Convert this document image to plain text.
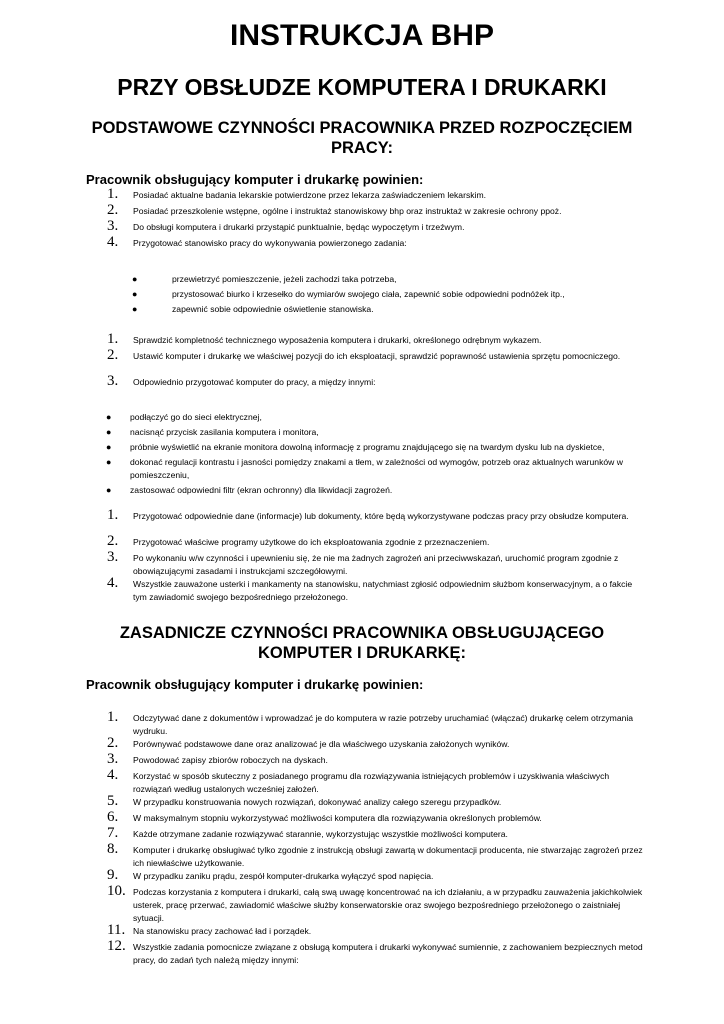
INSTRUKCJA BHP
PRZY OBSŁUDZE KOMPUTERA I DRUKARKI
PODSTAWOWE CZYNNOŚCI PRACOWNIKA PRZED ROZPOCZĘCIEM
PRACY:
Pracownik obsługujący komputer i drukarkę powinien:
1. Posiadać aktualne badania lekarskie potwierdzone przez lekarza zaświadczeniem lekarskim.
2. Posiadać przeszkolenie wstępne, ogólne i instruktaż stanowiskowy bhp oraz instruktaż w zakresie ochrony ppoż.
3. Do obsługi komputera i drukarki przystąpić punktualnie, będąc wypoczętym i trzeźwym.
4. Przygotować stanowisko pracy do wykonywania powierzonego zadania:
●	przewietrzyć pomieszczenie, jeżeli zachodzi taka potrzeba,
●	przystosować biurko i krzesełko do wymiarów swojego ciała, zapewnić sobie odpowiedni podnóżek itp.,
●	zapewnić sobie odpowiednie oświetlenie stanowiska.
1. Sprawdzić kompletność technicznego wyposażenia komputera i drukarki, określonego odrębnym wykazem.
2. Ustawić komputer i drukarkę we właściwej pozycji do ich eksploatacji, sprawdzić poprawność ustawienia sprzętu pomocniczego.
3. Odpowiednio przygotować komputer do pracy, a między innymi:
● podłączyć go do sieci elektrycznej,
● nacisnąć przycisk zasilania komputera i monitora,
● próbnie wyświetlić na ekranie monitora dowolną informację z programu znajdującego się na twardym dysku lub na dyskietce,
● dokonać regulacji kontrastu i jasności pomiędzy znakami a tłem, w zależności od wymogów, potrzeb oraz aktualnych warunków w pomieszczeniu,
● zastosować odpowiedni filtr (ekran ochronny) dla likwidacji zagrożeń.
1. Przygotować odpowiednie dane (informacje) lub dokumenty, które będą wykorzystywane podczas pracy przy obsłudze komputera.
2. Przygotować właściwe programy użytkowe do ich eksploatowania zgodnie z przeznaczeniem.
3. Po wykonaniu w/w czynności i upewnieniu się, że nie ma żadnych zagrożeń ani przeciwwskazań, uruchomić program zgodnie z obowiązującymi zasadami i instrukcjami szczegółowymi.
4. Wszystkie zauważone usterki i mankamenty na stanowisku, natychmiast zgłosić odpowiednim służbom konserwacyjnym, a o fakcie tym zawiadomić swojego bezpośredniego przełożonego.
ZASADNICZE CZYNNOŚCI PRACOWNIKA OBSŁUGUJĄCEGO
KOMPUTER I DRUKARKĘ:
Pracownik obsługujący komputer i drukarkę powinien:
1. Odczytywać dane z dokumentów i wprowadzać je do komputera w razie potrzeby uruchamiać (włączać) drukarkę celem otrzymania wydruku.
2. Porównywać podstawowe dane oraz analizować je dla właściwego uzyskania założonych wyników.
3. Powodować zapisy zbiorów roboczych na dyskach.
4. Korzystać w sposób skuteczny z posiadanego programu dla rozwiązywania istniejących problemów i uzyskiwania właściwych rozwiązań według ustalonych wcześniej założeń.
5. W przypadku konstruowania nowych rozwiązań, dokonywać analizy całego szeregu przypadków.
6. W maksymalnym stopniu wykorzystywać możliwości komputera dla rozwiązywania określonych problemów.
7. Każde otrzymane zadanie rozwiązywać starannie, wykorzystując wszystkie możliwości komputera.
8. Komputer i drukarkę obsługiwać tylko zgodnie z instrukcją obsługi zawartą w dokumentacji producenta, nie stwarzając zagrożeń przez ich niewłaściwe użytkowanie.
9. W przypadku zaniku prądu, zespół komputer-drukarka wyłączyć spod napięcia.
10. Podczas korzystania z komputera i drukarki, całą swą uwagę koncentrować na ich działaniu, a w przypadku zauważenia jakichkolwiek usterek, pracę przerwać, zawiadomić właściwe służby konserwatorskie oraz swojego bezpośredniego przełożonego o zaistniałej sytuacji.
11. Na stanowisku pracy zachować ład i porządek.
12. Wszystkie zadania pomocnicze związane z obsługą komputera i drukarki wykonywać sumiennie, z zachowaniem bezpiecznych metod pracy, do zadań tych należą między innymi:
